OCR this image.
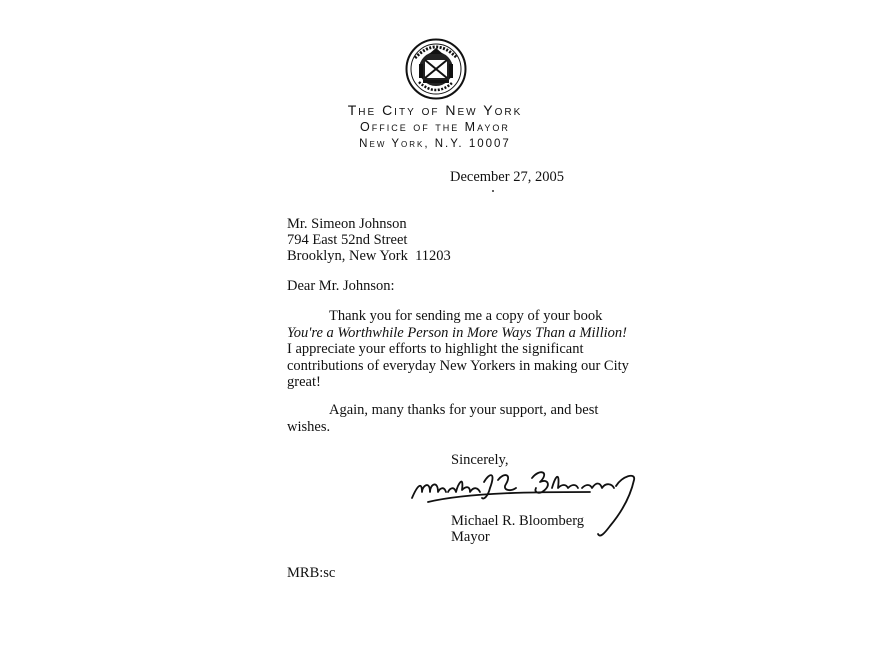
The City of New York
Office of the Mayor
New York, N.Y. 10007
December 27, 2005
Mr. Simeon Johnson
794 East 52nd Street
Brooklyn, New York  11203
Dear Mr. Johnson:
Thank you for sending me a copy of your book
You're a Worthwhile Person in More Ways Than a Million!
I appreciate your efforts to highlight the significant contributions of everyday New Yorkers in making our City great!
Again, many thanks for your support, and best wishes.
Sincerely,
Michael R. Bloomberg
Mayor
MRB:sc
